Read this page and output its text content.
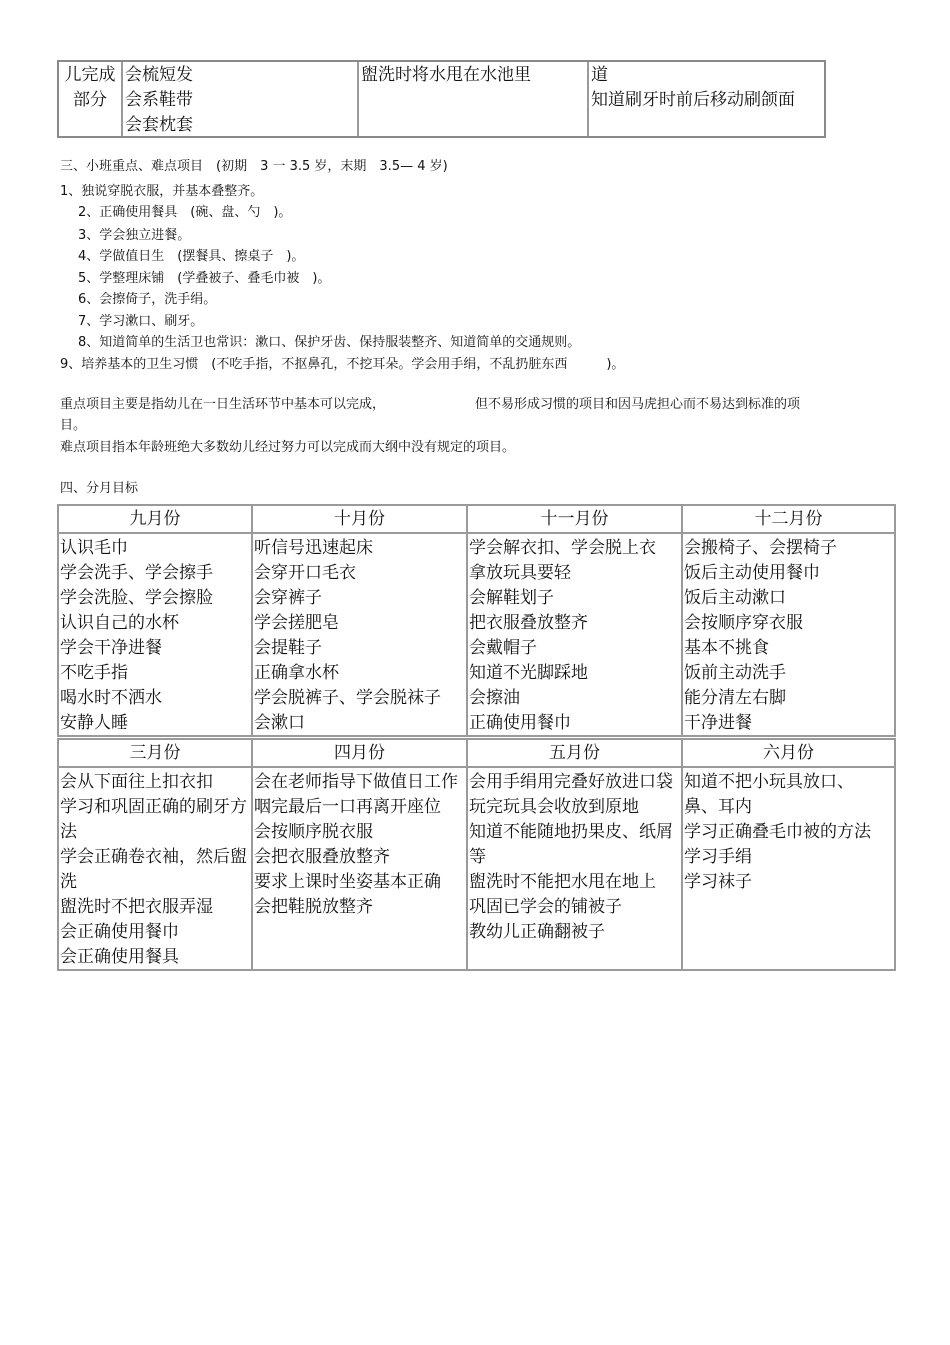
儿完成
部分
会梳短发
会系鞋带
会套枕套
盥洗时将水甩在水池里	道
知道刷牙时前后移动刷颌面
三、小班重点、难点项目　(初期　3 一 3.5 岁，末期　3.5— 4 岁)
1、独说穿脱衣服，并基本叠整齐。
2、正确使用餐具　(碗、盘、勺　)。
3、学会独立进餐。
4、学做值日生　(摆餐具、擦桌子　)。
5、学整理床铺　(学叠被子、叠毛巾被　)。
6、会擦倚子，洗手绢。
7、学习漱口、刷牙。
8、知道简单的生活卫也常识：漱口、保护牙齿、保持服装整齐、知道简单的交通规则。
9、培养基本的卫生习惯　(不吃手指，不抠鼻孔，不挖耳朵。学会用手绢，不乱扔脏东西　　　)。
重点项目主要是指幼儿在一日生活环节中基本可以完成，	但不易形成习惯的项目和因马虎担心而不易达到标准的项
目。
难点项目指本年龄班绝大多数幼儿经过努力可以完成而大纲中没有规定的项目。
四、分月目标
九月份
认识毛巾
学会洗手、学会擦手
学会洗脸、学会擦脸
认识自己的水杯
学会干净进餐
不吃手指
喝水时不洒水
安静人睡
十月份
听信号迅速起床
会穿开口毛衣
会穿裤子
学会搓肥皂
会提鞋子
正确拿水杯
学会脱裤子、学会脱袜子
会漱口
十一月份
学会解衣扣、学会脱上衣
拿放玩具要轻
会解鞋划子
把衣服叠放整齐
会戴帽子
知道不光脚踩地
会擦油
正确使用餐巾
十二月份
会搬椅子、会摆椅子
饭后主动使用餐巾
饭后主动漱口
会按顺序穿衣服
基本不挑食
饭前主动洗手
能分清左右脚
干净进餐
三月份
会从下面往上扣衣扣
学习和巩固正确的刷牙方法
学会正确卷衣袖，然后盥洗
盥洗时不把衣服弄湿
会正确使用餐巾
会正确使用餐具
四月份
会在老师指导下做值日工作
咽完最后一口再离开座位
会按顺序脱衣服
会把衣服叠放整齐
要求上课时坐姿基本正确
会把鞋脱放整齐
五月份
会用手绢用完叠好放进口袋
玩完玩具会收放到原地
知道不能随地扔果皮、纸屑等
盥洗时不能把水甩在地上
巩固已学会的铺被子
教幼儿正确翻被子
六月份
知道不把小玩具放口、 鼻、耳内
学习正确叠毛巾被的方法
学习手绢
学习袜子
